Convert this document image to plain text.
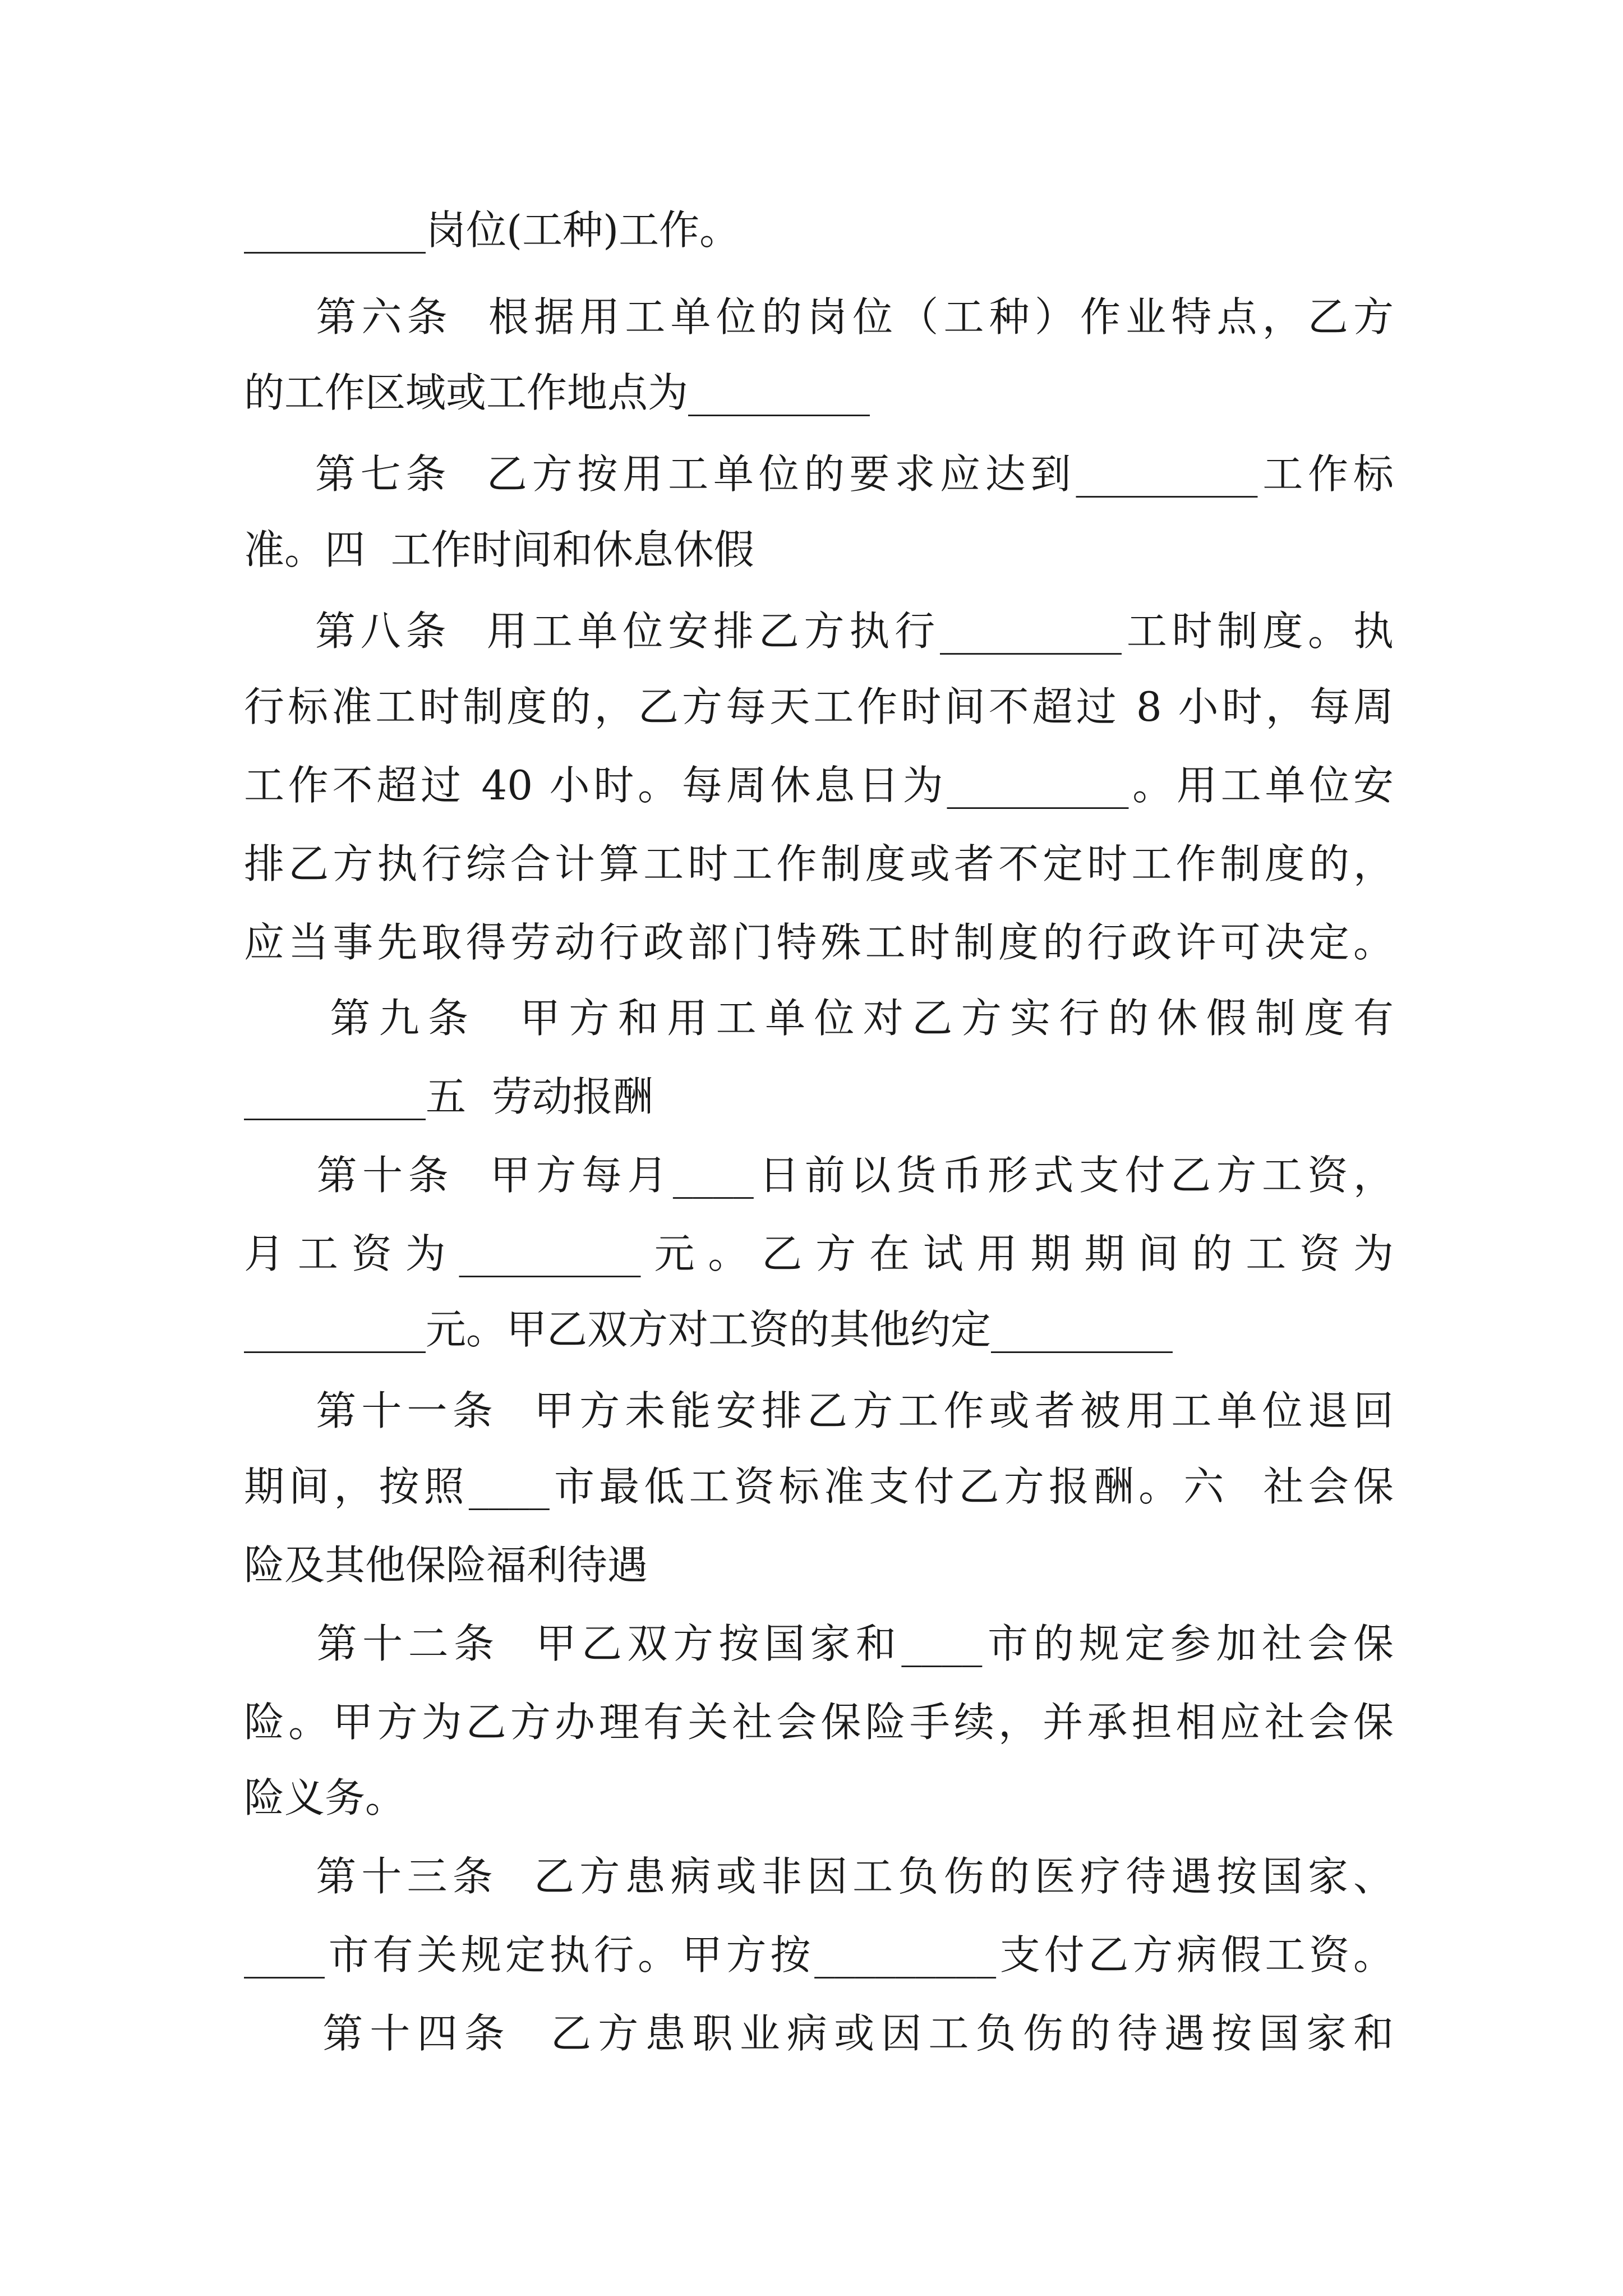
_________岗位(工种)工作。
第六条  根据用工单位的岗位（工种）作业特点，乙方
的工作区域或工作地点为_________
第七条  乙方按用工单位的要求应达到_________工作标
准。四  工作时间和休息休假
第八条  用工单位安排乙方执行_________工时制度。执
行标准工时制度的，乙方每天工作时间不超过 8 小时，每周
工作不超过 40 小时。每周休息日为_________。用工单位安
排乙方执行综合计算工时工作制度或者不定时工作制度的，
应当事先取得劳动行政部门特殊工时制度的行政许可决定。
第九条  甲方和用工单位对乙方实行的休假制度有
_________五  劳动报酬
第十条  甲方每月____日前以货币形式支付乙方工资，
月工资为_________元。乙方在试用期期间的工资为
_________元。甲乙双方对工资的其他约定_________
第十一条  甲方未能安排乙方工作或者被用工单位退回
期间，按照____市最低工资标准支付乙方报酬。六  社会保
险及其他保险福利待遇
第十二条  甲乙双方按国家和____市的规定参加社会保
险。甲方为乙方办理有关社会保险手续，并承担相应社会保
险义务。
第十三条  乙方患病或非因工负伤的医疗待遇按国家、
____市有关规定执行。甲方按_________支付乙方病假工资。
第十四条  乙方患职业病或因工负伤的待遇按国家和
